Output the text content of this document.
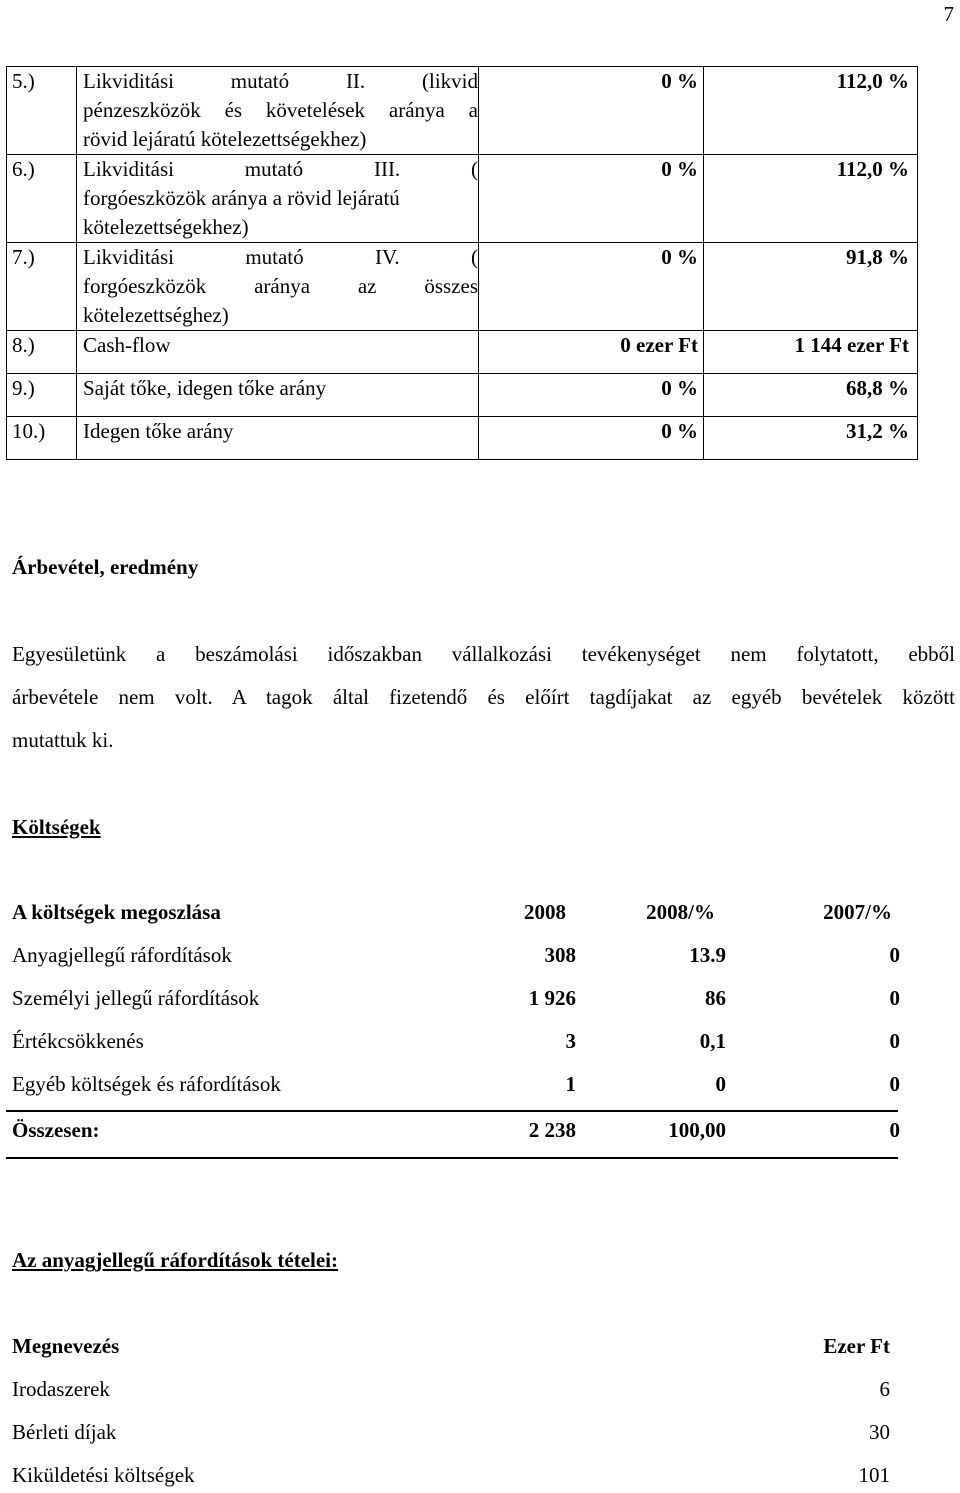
7
5.)	Likviditási mutató II. (likvid
pénzeszközök és követelések aránya a
rövid lejáratú kötelezettségekhez)	0 %	112,0 %
6.)	Likviditási mutató III. (
forgóeszközök aránya a rövid lejáratú
kötelezettségekhez)	0 %	112,0 %
7.)	Likviditási mutató IV. (
forgóeszközök aránya az összes
kötelezettséghez)	0 %	91,8 %
8.)	Cash-flow	0 ezer Ft	1 144 ezer Ft
9.)	Saját tőke, idegen tőke arány	0 %	68,8 %
10.)	Idegen tőke arány	0 %	31,2 %
Árbevétel, eredmény
Egyesületünk a beszámolási időszakban vállalkozási tevékenységet nem folytatott, ebből
árbevétele nem volt. A tagok által fizetendő és előírt tagdíjakat az egyéb bevételek között
mutattuk ki.
Költségek
A költségek megoszlása	2008	2008/%	2007/%
Anyagjellegű ráfordítások	308	13.9	0
Személyi jellegű ráfordítások	1 926	86	0
Értékcsökkenés	3	0,1	0
Egyéb költségek és ráfordítások	1	0	0
Összesen:	2 238	100,00	0
Az anyagjellegű ráfordítások tételei:
Megnevezés	Ezer Ft
Irodaszerek	6
Bérleti díjak	30
Kiküldetési költségek	101
